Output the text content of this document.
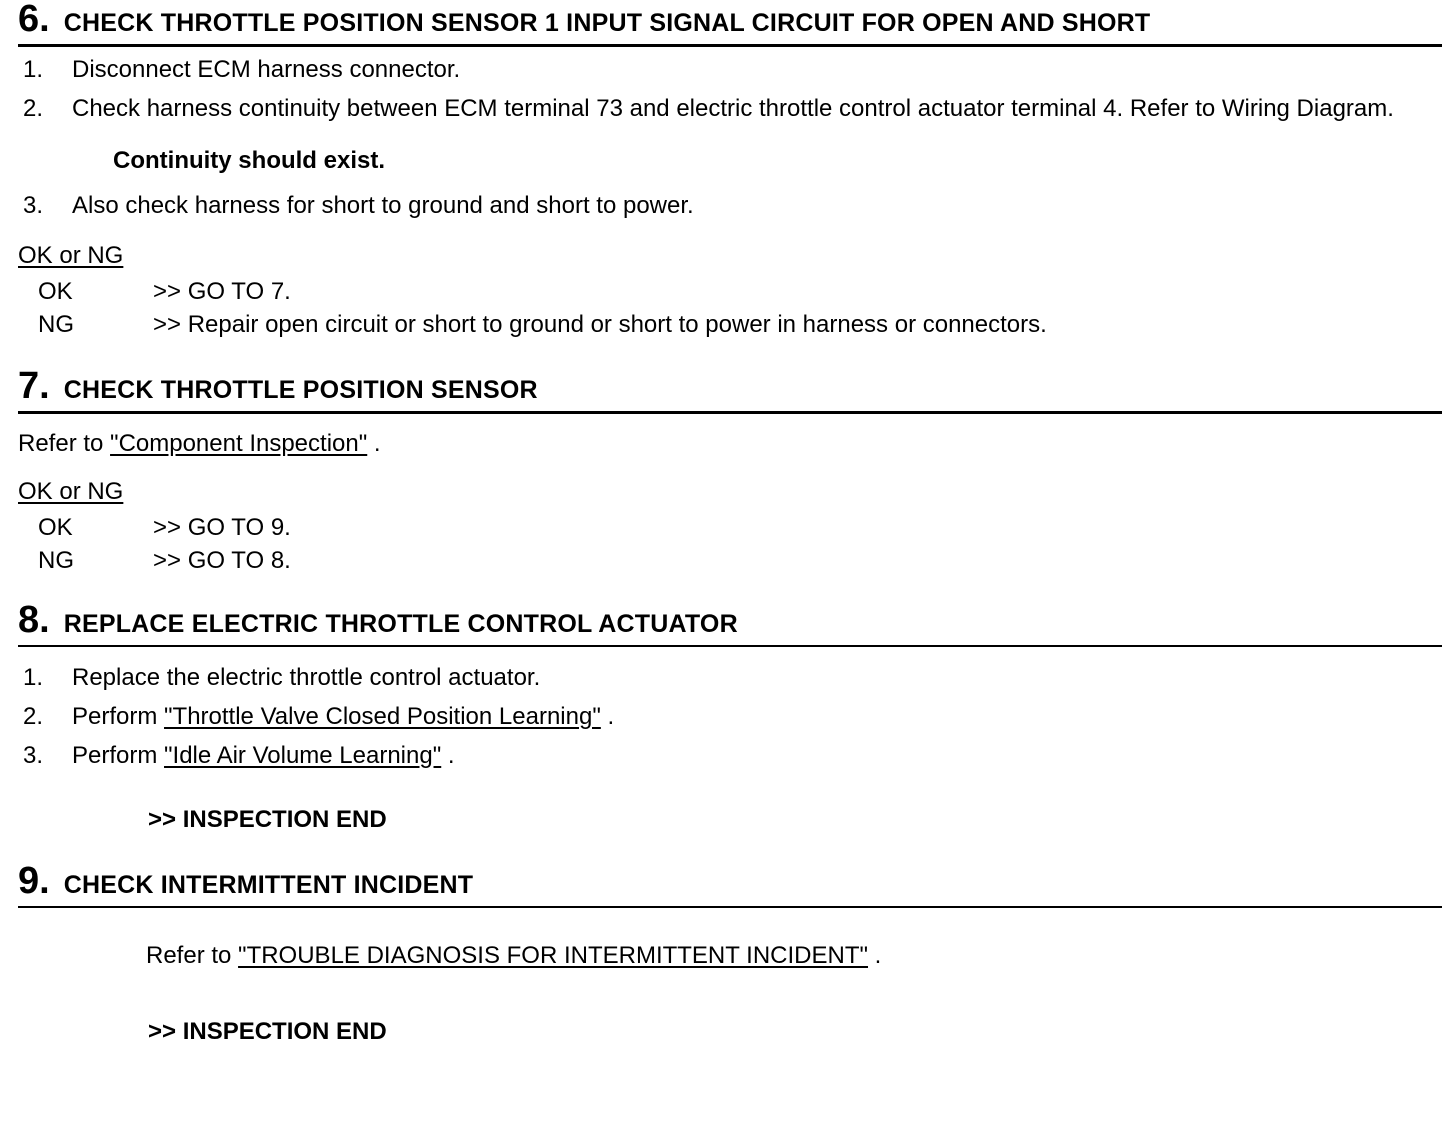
6. CHECK THROTTLE POSITION SENSOR 1 INPUT SIGNAL CIRCUIT FOR OPEN AND SHORT
1.	Disconnect ECM harness connector.
2.	Check harness continuity between ECM terminal 73 and electric throttle control actuator terminal 4. Refer to Wiring Diagram.
Continuity should exist.
3.	Also check harness for short to ground and short to power.
OK or NG
OK	>> GO TO 7.
NG	>> Repair open circuit or short to ground or short to power in harness or connectors.
7. CHECK THROTTLE POSITION SENSOR
Refer to "Component Inspection" .
OK or NG
OK	>> GO TO 9.
NG	>> GO TO 8.
8. REPLACE ELECTRIC THROTTLE CONTROL ACTUATOR
1.	Replace the electric throttle control actuator.
2.	Perform "Throttle Valve Closed Position Learning" .
3.	Perform "Idle Air Volume Learning" .
>> INSPECTION END
9. CHECK INTERMITTENT INCIDENT
Refer to "TROUBLE DIAGNOSIS FOR INTERMITTENT INCIDENT" .
>> INSPECTION END
